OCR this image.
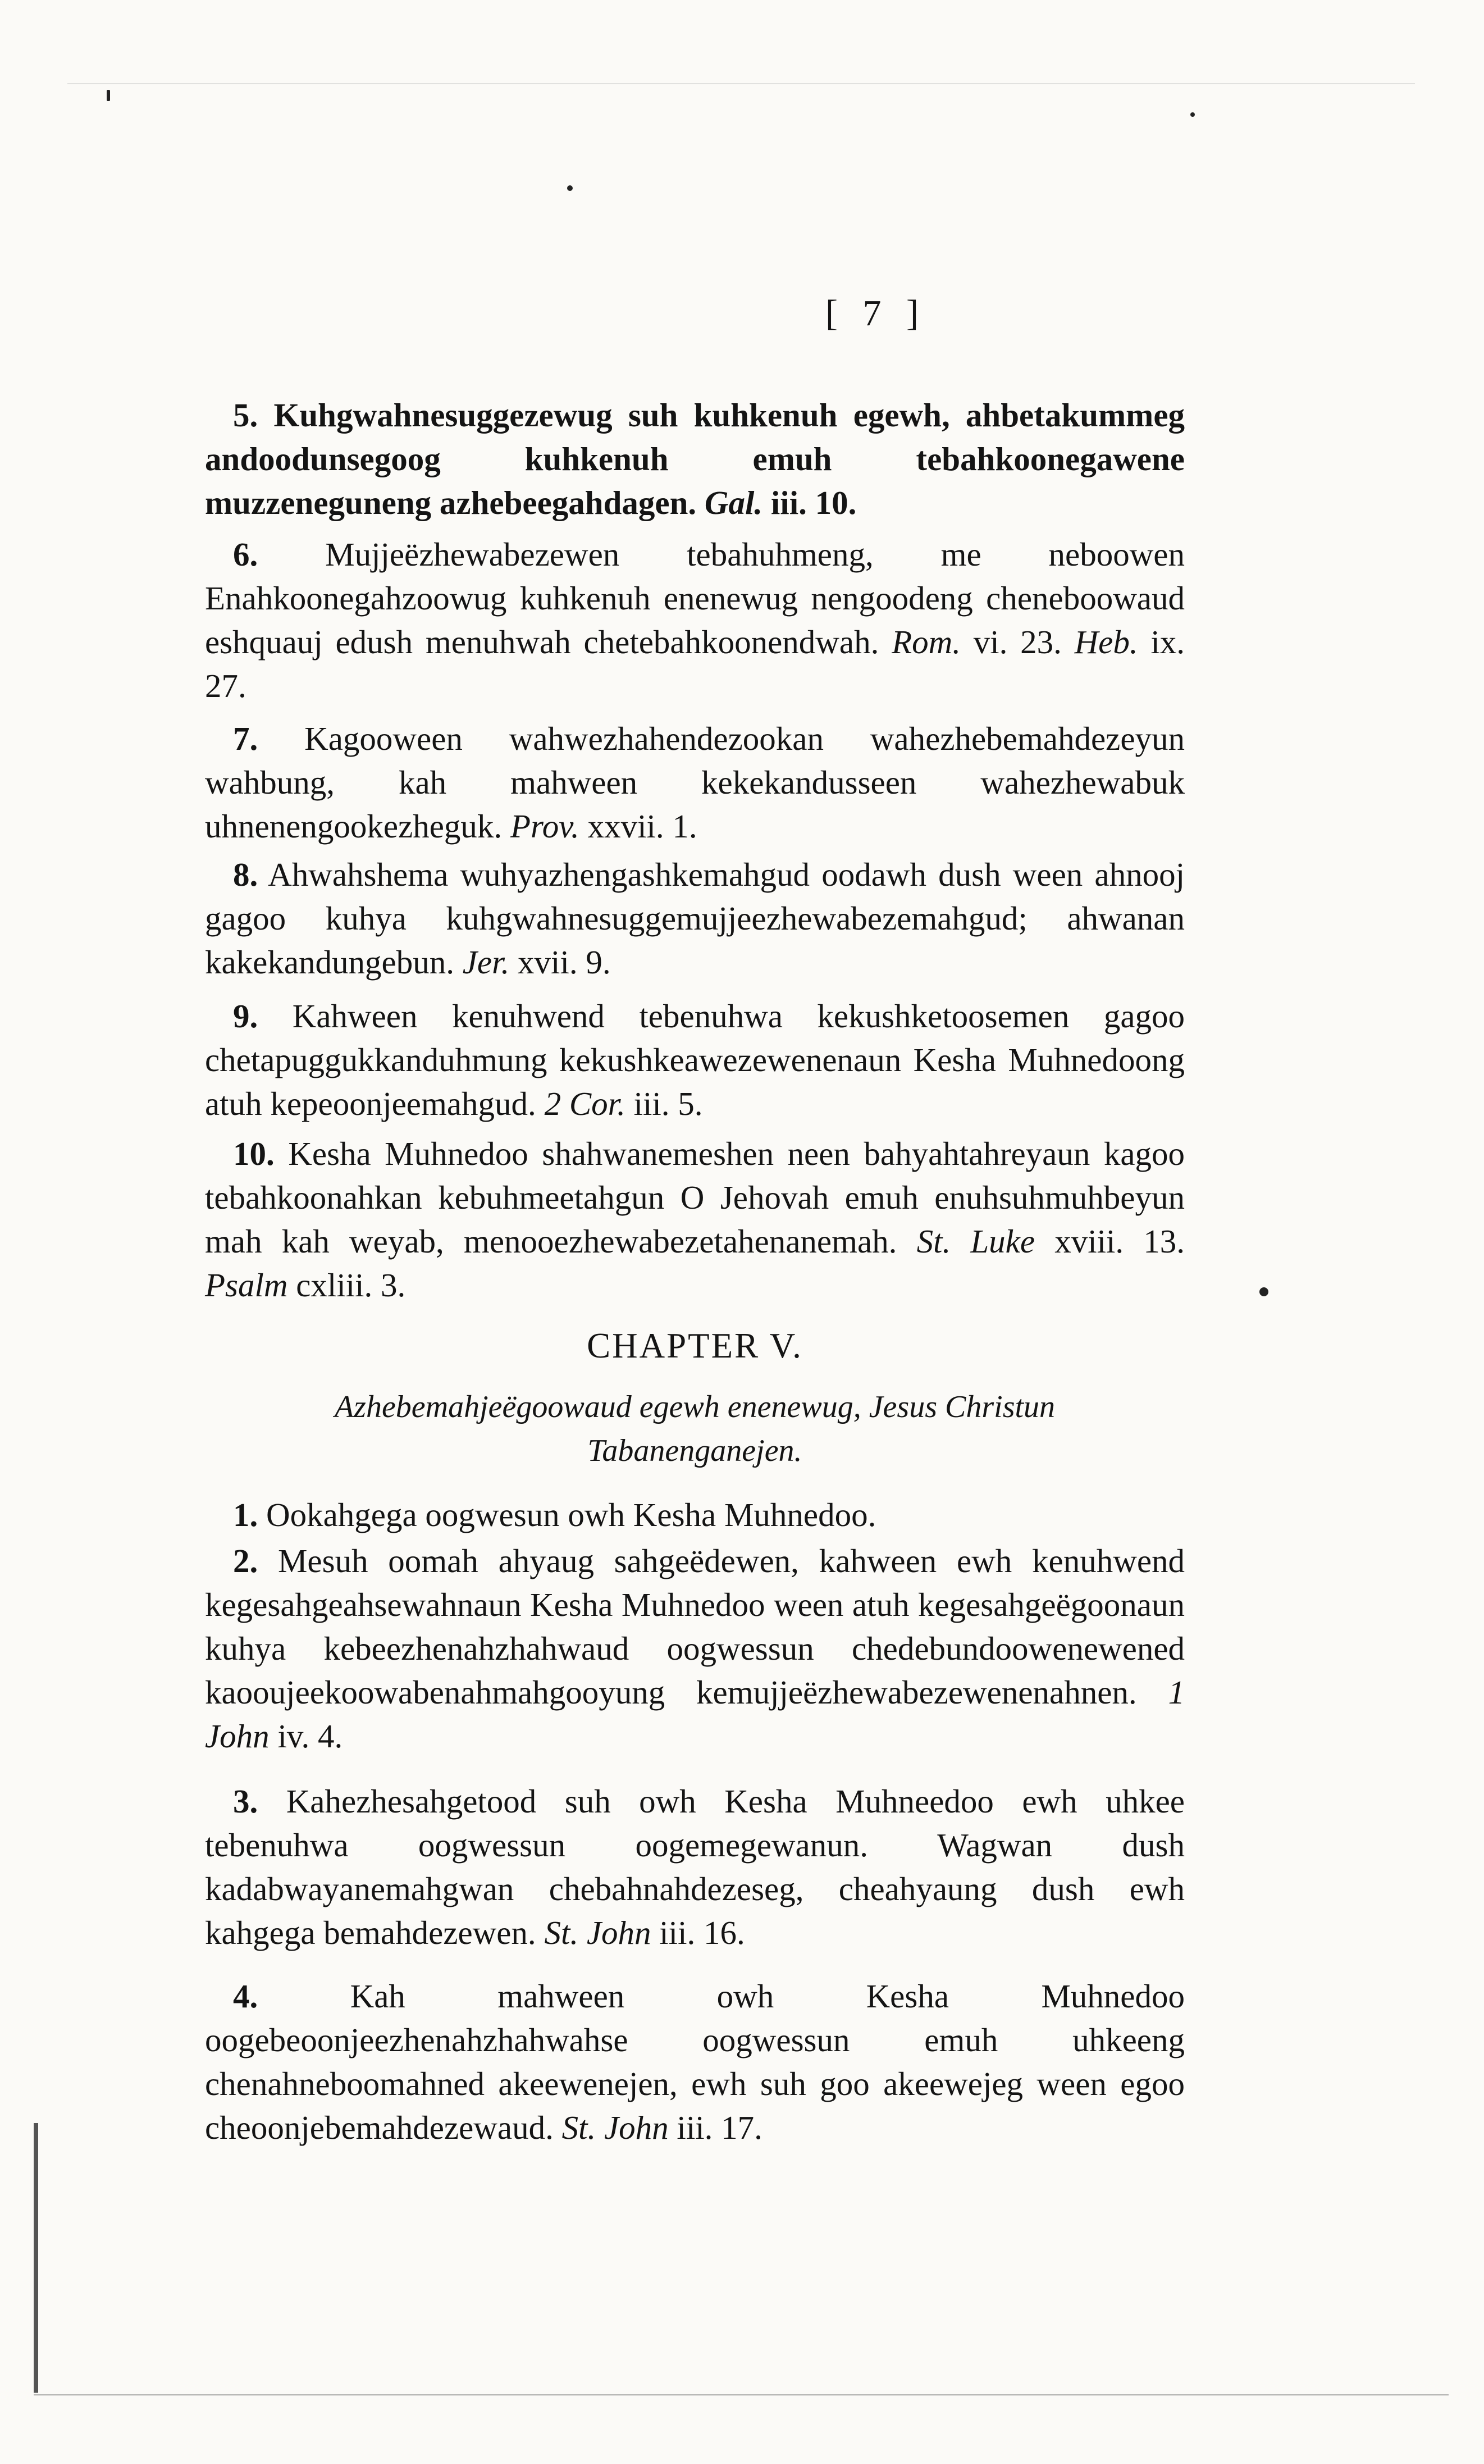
[ 7 ]

5. Kuhgwahnesuggezewug suh kuhkenuh egewh, ahbetakummeg andoodunsegoog kuhkenuh emuh tebahkoonegawene muzzeneguneng azhebeegahdagen. Gal. iii. 10.

6. Mujjeëzhewabezewen tebahuhmeng, me neboowen Enahkoonegahzoowug kuhkenuh enenewug nengoodeng cheneboowaud eshquauj edush menuhwah chetebahkoonendwah. Rom. vi. 23. Heb. ix. 27.

7. Kagooween wahwezhahendezookan wahezhebemahdezeyun wahbung, kah mahween kekekandusseen wahezhewabuk uhnenengookezheguk. Prov. xxvii. 1.

8. Ahwahshema wuhyazhengashkemahgud oodawh dush ween ahnooj gagoo kuhya kuhgwahnesuggemujjeezhewabezemahgud; ahwanan kakekandungebun. Jer. xvii. 9.

9. Kahween kenuhwend tebenuhwa kekushketoosemen gagoo chetapuggukkanduhmung kekushkeawezewenenaun Kesha Muhnedoong atuh kepeoonjeemahgud. 2 Cor. iii. 5.

10. Kesha Muhnedoo shahwanemeshen neen bahyahtahreyaun kagoo tebahkoonahkan kebuhmeetahgun O Jehovah emuh enuhsuhmuhbeyun mah kah weyab, menooezhewabezetahenanemah. St. Luke xviii. 13. Psalm cxliii. 3.

CHAPTER V.

Azhebemahjeëgoowaud egewh enenewug, Jesus Christun
Tabanenganejen.

1. Ookahgega oogwesun owh Kesha Muhnedoo.

2. Mesuh oomah ahyaug sahgeëdewen, kahween ewh kenuhwend kegesahgeahsewahnaun Kesha Muhnedoo ween atuh kegesahgeëgoonaun kuhya kebeezhenahzhahwaud oogwessun chedebundoowenewened kaooujeekoowabenahmahgooyung kemujjeëzhewabezewenenahnen. 1 John iv. 4.

3. Kahezhesahgetood suh owh Kesha Muhneedoo ewh uhkee tebenuhwa oogwessun oogemegewanun. Wagwan dush kadabwayanemahgwan chebahnahdezeseg, cheahyaung dush ewh kahgega bemahdezewen. St. John iii. 16.

4.	Kah mahween owh Kesha Muhnedoo oogebeoonjeezhenahzhahwahse oogwessun emuh uhkeeng chenahneboomahned akeewenejen, ewh suh goo akeewejeg ween egoo cheoonjebemahdezewaud. St. John iii. 17.
